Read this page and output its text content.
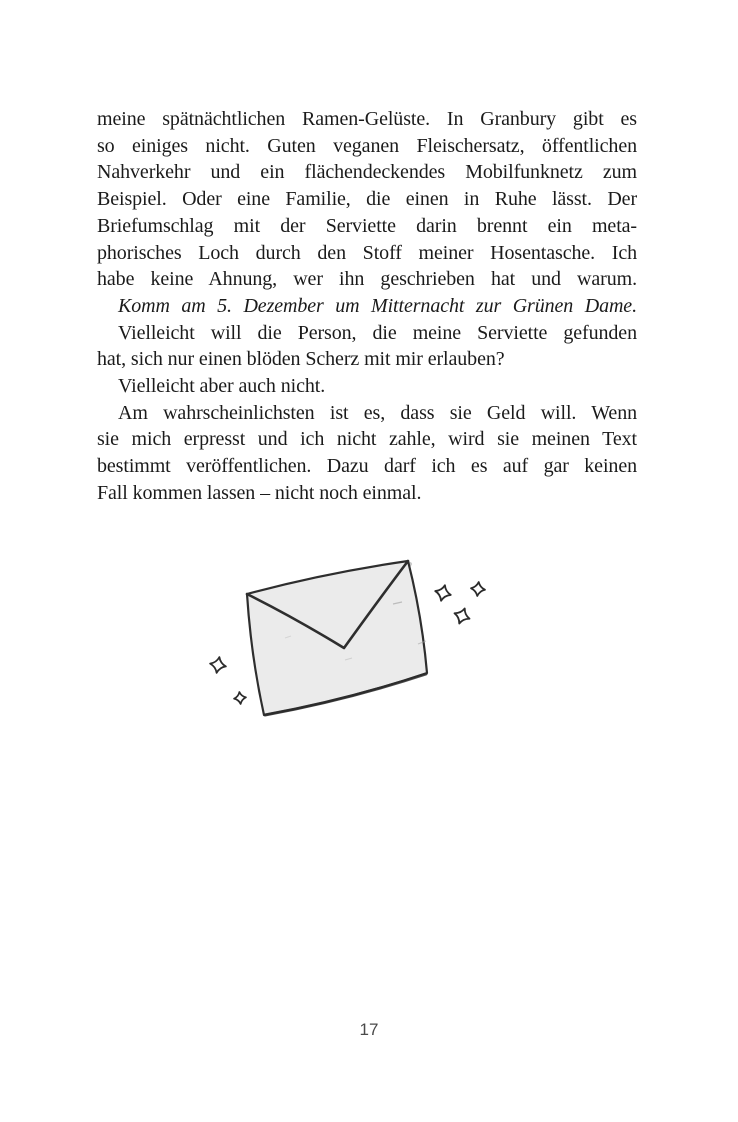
meine spätnächtlichen Ramen-Gelüste. In Granbury gibt es
so einiges nicht. Guten veganen Fleischersatz, öffentlichen
Nahverkehr und ein flächendeckendes Mobilfunknetz zum
Beispiel. Oder eine Familie, die einen in Ruhe lässt. Der
Briefumschlag mit der Serviette darin brennt ein meta-
phorisches Loch durch den Stoff meiner Hosentasche. Ich
habe keine Ahnung, wer ihn geschrieben hat und warum.
Komm am 5. Dezember um Mitternacht zur Grünen Dame.
Vielleicht will die Person, die meine Serviette gefunden
hat, sich nur einen blöden Scherz mit mir erlauben?
Vielleicht aber auch nicht.
Am wahrscheinlichsten ist es, dass sie Geld will. Wenn
sie mich erpresst und ich nicht zahle, wird sie meinen Text
bestimmt veröffentlichen. Dazu darf ich es auf gar keinen
Fall kommen lassen – nicht noch einmal.
17
